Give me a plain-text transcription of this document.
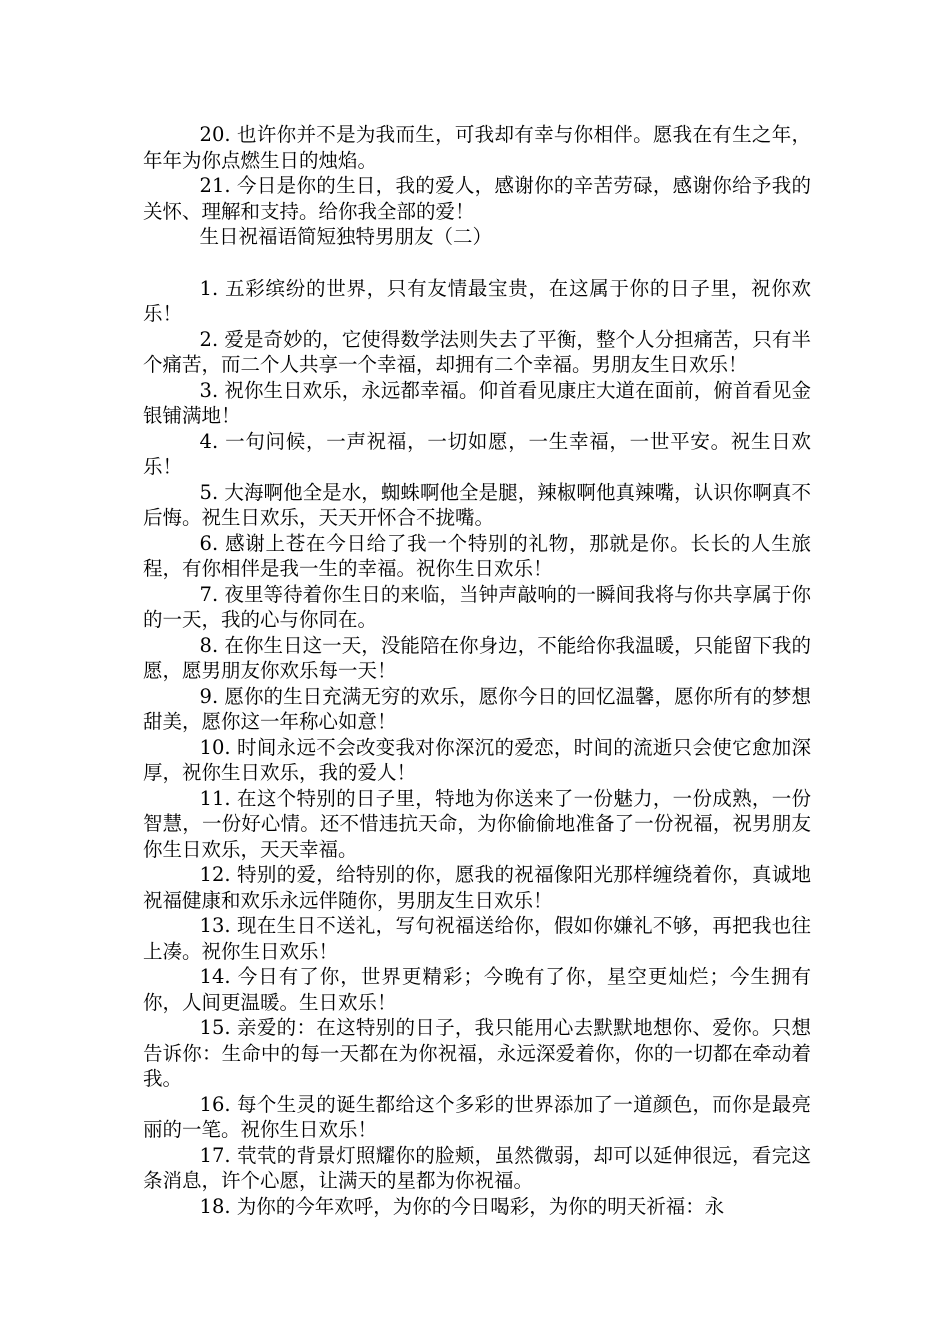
20. 也许你并不是为我而生，可我却有幸与你相伴。愿我在有生之年，年年为你点燃生日的烛焰。

21. 今日是你的生日，我的爱人，感谢你的辛苦劳碌，感谢你给予我的关怀、理解和支持。给你我全部的爱！

生日祝福语简短独特男朋友（二）

1. 五彩缤纷的世界，只有友情最宝贵，在这属于你的日子里，祝你欢乐！

2. 爱是奇妙的，它使得数学法则失去了平衡，整个人分担痛苦，只有半个痛苦，而二个人共享一个幸福，却拥有二个幸福。男朋友生日欢乐！

3. 祝你生日欢乐，永远都幸福。仰首看见康庄大道在面前，俯首看见金银铺满地！

4. 一句问候，一声祝福，一切如愿，一生幸福，一世平安。祝生日欢乐！

5. 大海啊他全是水，蜘蛛啊他全是腿，辣椒啊他真辣嘴，认识你啊真不后悔。祝生日欢乐，天天开怀合不拢嘴。

6. 感谢上苍在今日给了我一个特别的礼物，那就是你。长长的人生旅程，有你相伴是我一生的幸福。祝你生日欢乐！

7. 夜里等待着你生日的来临，当钟声敲响的一瞬间我将与你共享属于你的一天，我的心与你同在。

8. 在你生日这一天，没能陪在你身边，不能给你我温暖，只能留下我的愿，愿男朋友你欢乐每一天！

9. 愿你的生日充满无穷的欢乐，愿你今日的回忆温馨，愿你所有的梦想甜美，愿你这一年称心如意！

10. 时间永远不会改变我对你深沉的爱恋，时间的流逝只会使它愈加深厚，祝你生日欢乐，我的爱人！

11. 在这个特别的日子里，特地为你送来了一份魅力，一份成熟，一份智慧，一份好心情。还不惜违抗天命，为你偷偷地准备了一份祝福，祝男朋友你生日欢乐，天天幸福。

12. 特别的爱，给特别的你，愿我的祝福像阳光那样缠绕着你，真诚地祝福健康和欢乐永远伴随你，男朋友生日欢乐！

13. 现在生日不送礼，写句祝福送给你，假如你嫌礼不够，再把我也往上凑。祝你生日欢乐！

14. 今日有了你，世界更精彩；今晚有了你，星空更灿烂；今生拥有你，人间更温暖。生日欢乐！

15. 亲爱的：在这特别的日子，我只能用心去默默地想你、爱你。只想告诉你：生命中的每一天都在为你祝福，永远深爱着你，你的一切都在牵动着我。

16. 每个生灵的诞生都给这个多彩的世界添加了一道颜色，而你是最亮丽的一笔。祝你生日欢乐！

17. 茕茕的背景灯照耀你的脸颊，虽然微弱，却可以延伸很远，看完这条消息，许个心愿，让满天的星都为你祝福。

18. 为你的今年欢呼，为你的今日喝彩，为你的明天祈福：永
